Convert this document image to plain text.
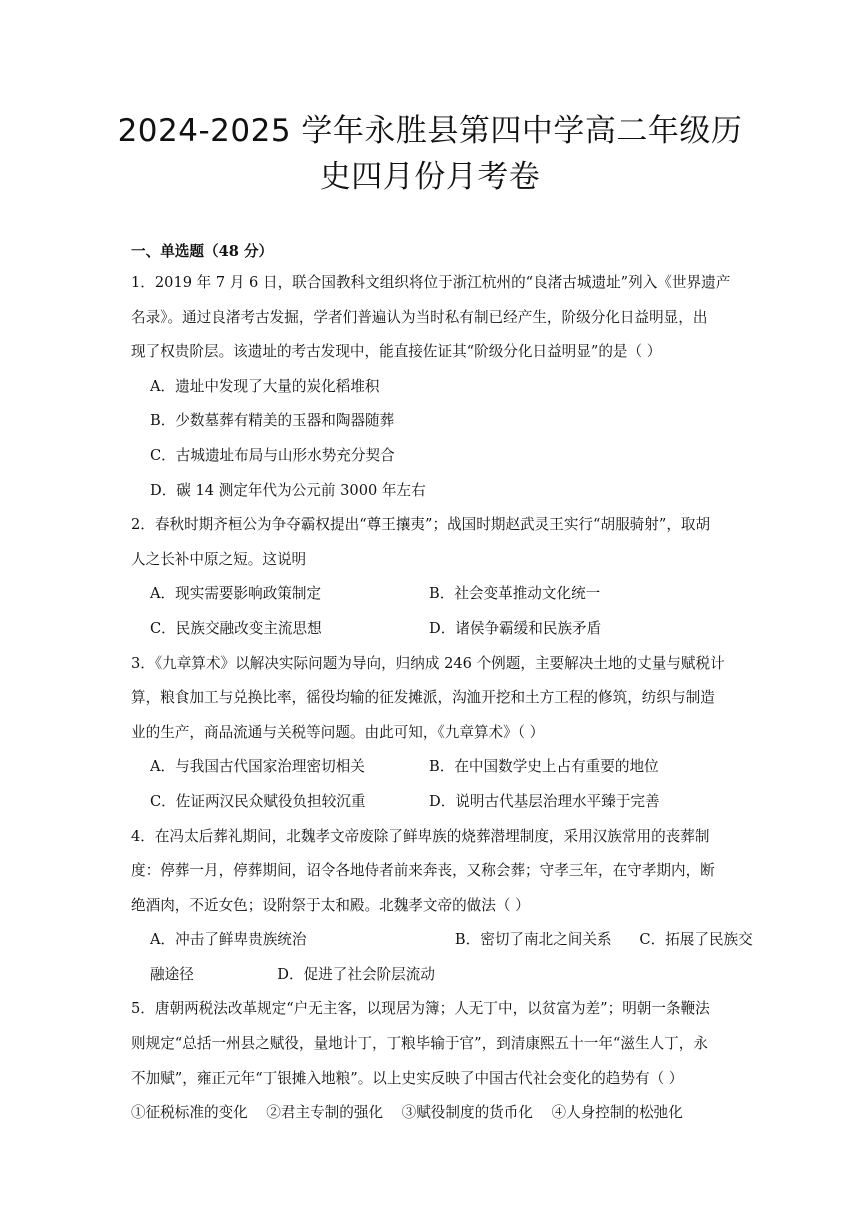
2024-2025 学年永胜县第四中学高二年级历
史四月份月考卷
一、单选题（48 分）
1．2019 年 7 月 6 日，联合国教科文组织将位于浙江杭州的“良渚古城遗址”列入《世界遗产
名录》。通过良渚考古发掘，学者们普遍认为当时私有制已经产生，阶级分化日益明显，出
现了权贵阶层。该遗址的考古发现中，能直接佐证其“阶级分化日益明显”的是（ ）
A．遗址中发现了大量的炭化稻堆积
B．少数墓葬有精美的玉器和陶器随葬
C．古城遗址布局与山形水势充分契合
D．碳 14 测定年代为公元前 3000 年左右
2．春秋时期齐桓公为争夺霸权提出“尊王攘夷”；战国时期赵武灵王实行“胡服骑射”，取胡
人之长补中原之短。这说明
A．现实需要影响政策制定	B．社会变革推动文化统一
C．民族交融改变主流思想	D．诸侯争霸缓和民族矛盾
3．《九章算术》以解决实际问题为导向，归纳成 246 个例题，主要解决土地的丈量与赋税计
算，粮食加工与兑换比率，徭役均输的征发摊派，沟洫开挖和土方工程的修筑，纺织与制造
业的生产，商品流通与关税等问题。由此可知，《九章算术》（ ）
A．与我国古代国家治理密切相关	B．在中国数学史上占有重要的地位
C．佐证两汉民众赋役负担较沉重	D．说明古代基层治理水平臻于完善
4．在冯太后葬礼期间，北魏孝文帝废除了鲜卑族的烧葬潜埋制度，采用汉族常用的丧葬制
度：停葬一月，停葬期间，诏令各地侍者前来奔丧，又称会葬；守孝三年，在守孝期内，断
绝酒肉，不近女色；设附祭于太和殿。北魏孝文帝的做法（ ）
A．冲击了鲜卑贵族统治                                B．密切了南北之间关系      C．拓展了民族交
融途径                  D．促进了社会阶层流动
5．唐朝两税法改革规定“户无主客，以现居为簿；人无丁中，以贫富为差”；明朝一条鞭法
则规定“总括一州县之赋役，量地计丁，丁粮毕输于官”，到清康熙五十一年“滋生人丁，永
不加赋”，雍正元年“丁银摊入地粮”。以上史实反映了中国古代社会变化的趋势有（ ）
①征税标准的变化    ②君主专制的强化    ③赋役制度的货币化    ④人身控制的松弛化
